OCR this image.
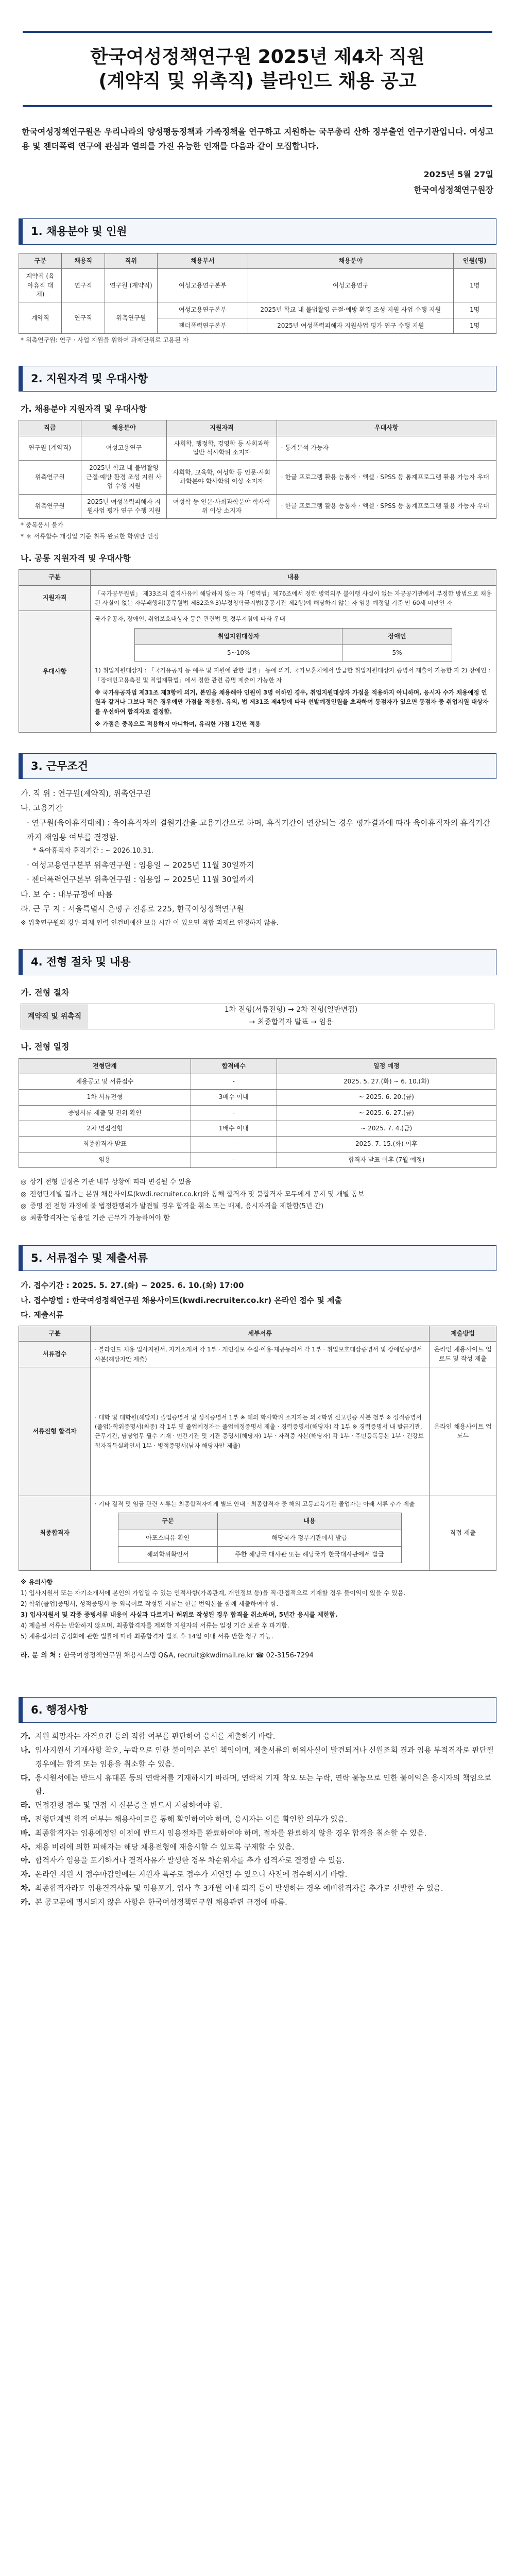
한국여성정책연구원 2025년 제4차 직원
(계약직 및 위촉직) 블라인드 채용 공고

한국여성정책연구원은 우리나라의 양성평등정책과 가족정책을 연구하고 지원하는 국무총리 산하 정부출연 연구기관입니다. 여성고용 및 젠더폭력 연구에 관심과 열의를 가진 유능한 인재를 다음과 같이 모집합니다.

2025년 5월 27일
한국여성정책연구원장
1. 채용분야 및 인원
구분	채용직	직위	채용부서	채용분야	인원(명)
계약직 (육아휴직 대체)	연구직	연구원 (계약직)	여성고용연구본부	여성고용연구	1명
계약직	연구직	위촉연구원	여성고용연구본부	2025년 학교 내 불법촬영 근절·예방 환경 조성 지원 사업 수행 지원	1명
			젠더폭력연구본부	2025년 여성폭력피해자 지원사업 평가 연구 수행 지원	1명

* 위촉연구원: 연구 · 사업 지원을 위하여 과제단위로 고용된 자

2. 지원자격 및 우대사항
가. 채용분야 지원자격 및 우대사항
직급	채용분야	지원자격	우대사항
연구원 (계약직)	여성고용연구	사회학, 행정학, 경영학 등 사회과학 일반 석사학위 소지자	· 통계분석 가능자
위촉연구원	2025년 학교 내 불법촬영 근절·예방 환경 조성 지원 사업 수행 지원	사회학, 교육학, 여성학 등 인문·사회과학분야 학사학위 이상 소지자	· 한글 프로그램 활용 능통자 · 엑셀 · SPSS 등 통계프로그램 활용 가능자 우대
위촉연구원	2025년 여성폭력피해자 지원사업 평가 연구 수행 지원	여성학 등 인문·사회과학분야 학사학위 이상 소지자	· 한글 프로그램 활용 능통자 · 엑셀 · SPSS 등 통계프로그램 활용 가능자 우대

* 중복응시 불가

* ＊ 서류합수 개정일 기준 취득 완료한 학위만 인정

나. 공통 지원자격 및 우대사항
구분	내용
지원자격	「국가공무원법」 제33조의 결격사유에 해당하지 않는 자「병역법」제76조에서 정한 병역의무 불이행 사실이 없는 자공공기관에서 부정한 방법으로 채용된 사실이 없는 자부패행위(공무원법 제82조의3)부정청탁금지법(공공기관 제2항)에 해당하지 않는 자 임용 예정일 기준 만 60세 미만인 자
우대사항	
국가유공자, 장애인, 취업보호대상자 등은 관련법 및 정부지침에 따라 우대
취업지원대상자	장애인
5~10%	5%
1) 취업지원대상자 : 「국가유공자 등 예우 및 지원에 관한 법률」 등에 의거, 국가보훈처에서 발급한 취업지원대상자 증명서 제출이 가능한 자 2) 장애인 : 「장애인고용촉진 및 직업재활법」에서 정한 관련 증명 제출이 가능한 자
※ 국가유공자법 제31조 제3항에 의거, 본인을 채용해야 인원이 3명 이하인 경우, 취업지원대상자 가점을 적용하지 아니하며, 응시자 수가 채용예정 인원과 같거나 그보다 적은 경우에만 가점을 적용함. 유의, 법 제31조 제4항에 따라 선발예정인원을 초과하여 동점자가 있으면 동점자 중 취업지원 대상자를 우선하여 합격자로 결정함.
※ 가점은 중복으로 적용하지 아니하며, 유리한 가점 1건만 적용
3. 근무조건
가. 직 위 : 연구원(계약직), 위촉연구원
나. 고용기간
· 연구원(육아휴직대체) : 육아휴직자의 결원기간을 고용기간으로 하며, 휴직기간이 연장되는 경우 평가결과에 따라 육아휴직자의 휴직기간까지 재임용 여부를 결정함.
* 육아휴직자 휴직기간 : ~ 2026.10.31.
· 여성고용연구본부 위촉연구원 : 임용일 ~ 2025년 11월 30일까지
· 젠더폭력연구본부 위촉연구원 : 임용일 ~ 2025년 11월 30일까지
다. 보 수 : 내부규정에 따름
라. 근 무 지 : 서울특별시 은평구 진흥로 225, 한국여성정책연구원
※ 위촉연구원의 경우 과제 인력 인건비예산 보유 시간 이 있으면 적합 과제로 인정하지 않음.
4. 전형 절차 및 내용
가. 전형 절차
계약직 및 위촉직
1차 전형(서류전형) → 2차 전형(일반면접)
→ 최종합격자 발표 → 임용
나. 전형 일정
전형단계	합격배수	일정 예정
채용공고 및 서류접수	-	2025. 5. 27.(화) ~ 6. 10.(화)
1차 서류전형	3배수 이내	~ 2025. 6. 20.(금)
증빙서류 제출 및 진위 확인	-	~ 2025. 6. 27.(금)
2차 면접전형	1배수 이내	~ 2025. 7. 4.(금)
최종합격자 발표	-	2025. 7. 15.(화) 이후
임용	-	합격자 발표 이후 (7월 예정)
◎ 상기 전형 일정은 기관 내부 상황에 따라 변경될 수 있음
◎ 전형단계별 결과는 본원 채용사이트(kwdi.recruiter.co.kr)와 통해 합격자 및 불합격자 모두에게 공지 및 개별 통보
◎ 증명 전 전형 과정에 불 법정한행위가 발견될 경우 합격을 취소 또는 배제, 응시자격을 제한함(5년 간)
◎ 최종합격자는 임용일 기준 근무가 가능하여야 함
5. 서류접수 및 제출서류
가. 접수기간 : 2025. 5. 27.(화) ~ 2025. 6. 10.(화) 17:00
나. 접수방법 : 한국여성정책연구원 채용사이트(kwdi.recruiter.co.kr) 온라인 접수 및 제출
다. 제출서류
구분	세부서류	제출방법
서류접수	· 블라인드 채용 입사지원서, 자기소개서 각 1부 · 개인정보 수집·이용·제공동의서 각 1부 · 취업보호대상증명서 및 장애인증명서 사본(해당자만 제출)	온라인 채용사이트 업로드 및 작성 제출
서류전형 합격자	· 대학 및 대학원(해당자) 졸업증명서 및 성적증명서 1부 ※ 해외 학사학위 소지자는 외국학위 신고필증 사본 첨부 ※ 성적증명서(졸업)·학위증명서(최종) 각 1부 및 졸업예정자는 졸업예정증명서 제출 · 경력증명서(해당자) 각 1부 ※ 경력증명서 내 발급기관, 근무기간, 담당업무 필수 기재 · 민간기관 및 기관 증명서(해당자) 1부 · 자격증 사본(해당자) 각 1부 · 주민등록등본 1부 · 건강보험자격득실확인서 1부 · 병적증명서(남자 해당자만 제출)	온라인 채용사이트 업로드
최종합격자	
· 기타 결격 및 임금 관련 서류는 최종합격자에게 별도 안내 · 최종합격자 중 해외 고등교육기관 졸업자는 아래 서류 추가 제출
구분	내용
아포스티유 확인	해당국가 정부기관에서 발급
해외학위확인서	주한 해당국 대사관 또는 해당국가 한국대사관에서 발급
	직접 제출
※ 유의사항
1) 입사지원서 또는 자기소개서에 본인의 가입일 수 있는 인적사항(가족관계, 개인정보 등)을 직·간접적으로 기재할 경우 불이익이 있을 수 있음.
2) 학위(졸업)증명서, 성적증명서 등 외국어로 작성된 서류는 한글 번역본을 함께 제출하여야 함.
3) 입사지원서 및 각종 증빙서류 내용이 사실과 다르거나 허위로 작성된 경우 합격을 취소하며, 5년간 응시를 제한함.
4) 제출된 서류는 반환하지 않으며, 최종합격자를 제외한 지원자의 서류는 일정 기간 보관 후 파기함.
5) 채용절차의 공정화에 관한 법률에 따라 최종합격자 발표 후 14일 이내 서류 반환 청구 가능.
라. 문 의 처 : 한국여성정책연구원 채용시스템 Q&A, recruit@kwdimail.re.kr ☎ 02-3156-7294
6. 행정사항
가. 지원 희망자는 자격요건 등의 적합 여부를 판단하여 응시를 제출하기 바람.
나. 입사지원서 기재사항 착오, 누락으로 인한 불이익은 본인 책임이며, 제출서류의 허위사실이 발견되거나 신원조회 결과 임용 부적격자로 판단될 경우에는 합격 또는 임용을 취소할 수 있음.
다. 응시원서에는 반드시 휴대폰 등의 연락처를 기재하시기 바라며, 연락처 기재 착오 또는 누락, 연락 불능으로 인한 불이익은 응시자의 책임으로 함.
라. 면접전형 접수 및 면접 시 신분증을 반드시 지참하여야 함.
마. 전형단계별 합격 여부는 채용사이트를 통해 확인하여야 하며, 응시자는 이를 확인할 의무가 있음.
바. 최종합격자는 임용예정일 이전에 반드시 임용절차를 완료하여야 하며, 절차를 완료하지 않을 경우 합격을 취소할 수 있음.
사. 채용 비리에 의한 피해자는 해당 채용전형에 재응시할 수 있도록 구제할 수 있음.
아. 합격자가 임용을 포기하거나 결격사유가 발생한 경우 차순위자를 추가 합격자로 결정할 수 있음.
자. 온라인 지원 시 접수마감일에는 지원자 폭주로 접수가 지연될 수 있으니 사전에 접수하시기 바람.
차. 최종합격자라도 임용결격사유 및 임용포기, 입사 후 3개월 이내 퇴직 등이 발생하는 경우 예비합격자를 추가로 선발할 수 있음.
카. 본 공고문에 명시되지 않은 사항은 한국여성정책연구원 채용관련 규정에 따름.
